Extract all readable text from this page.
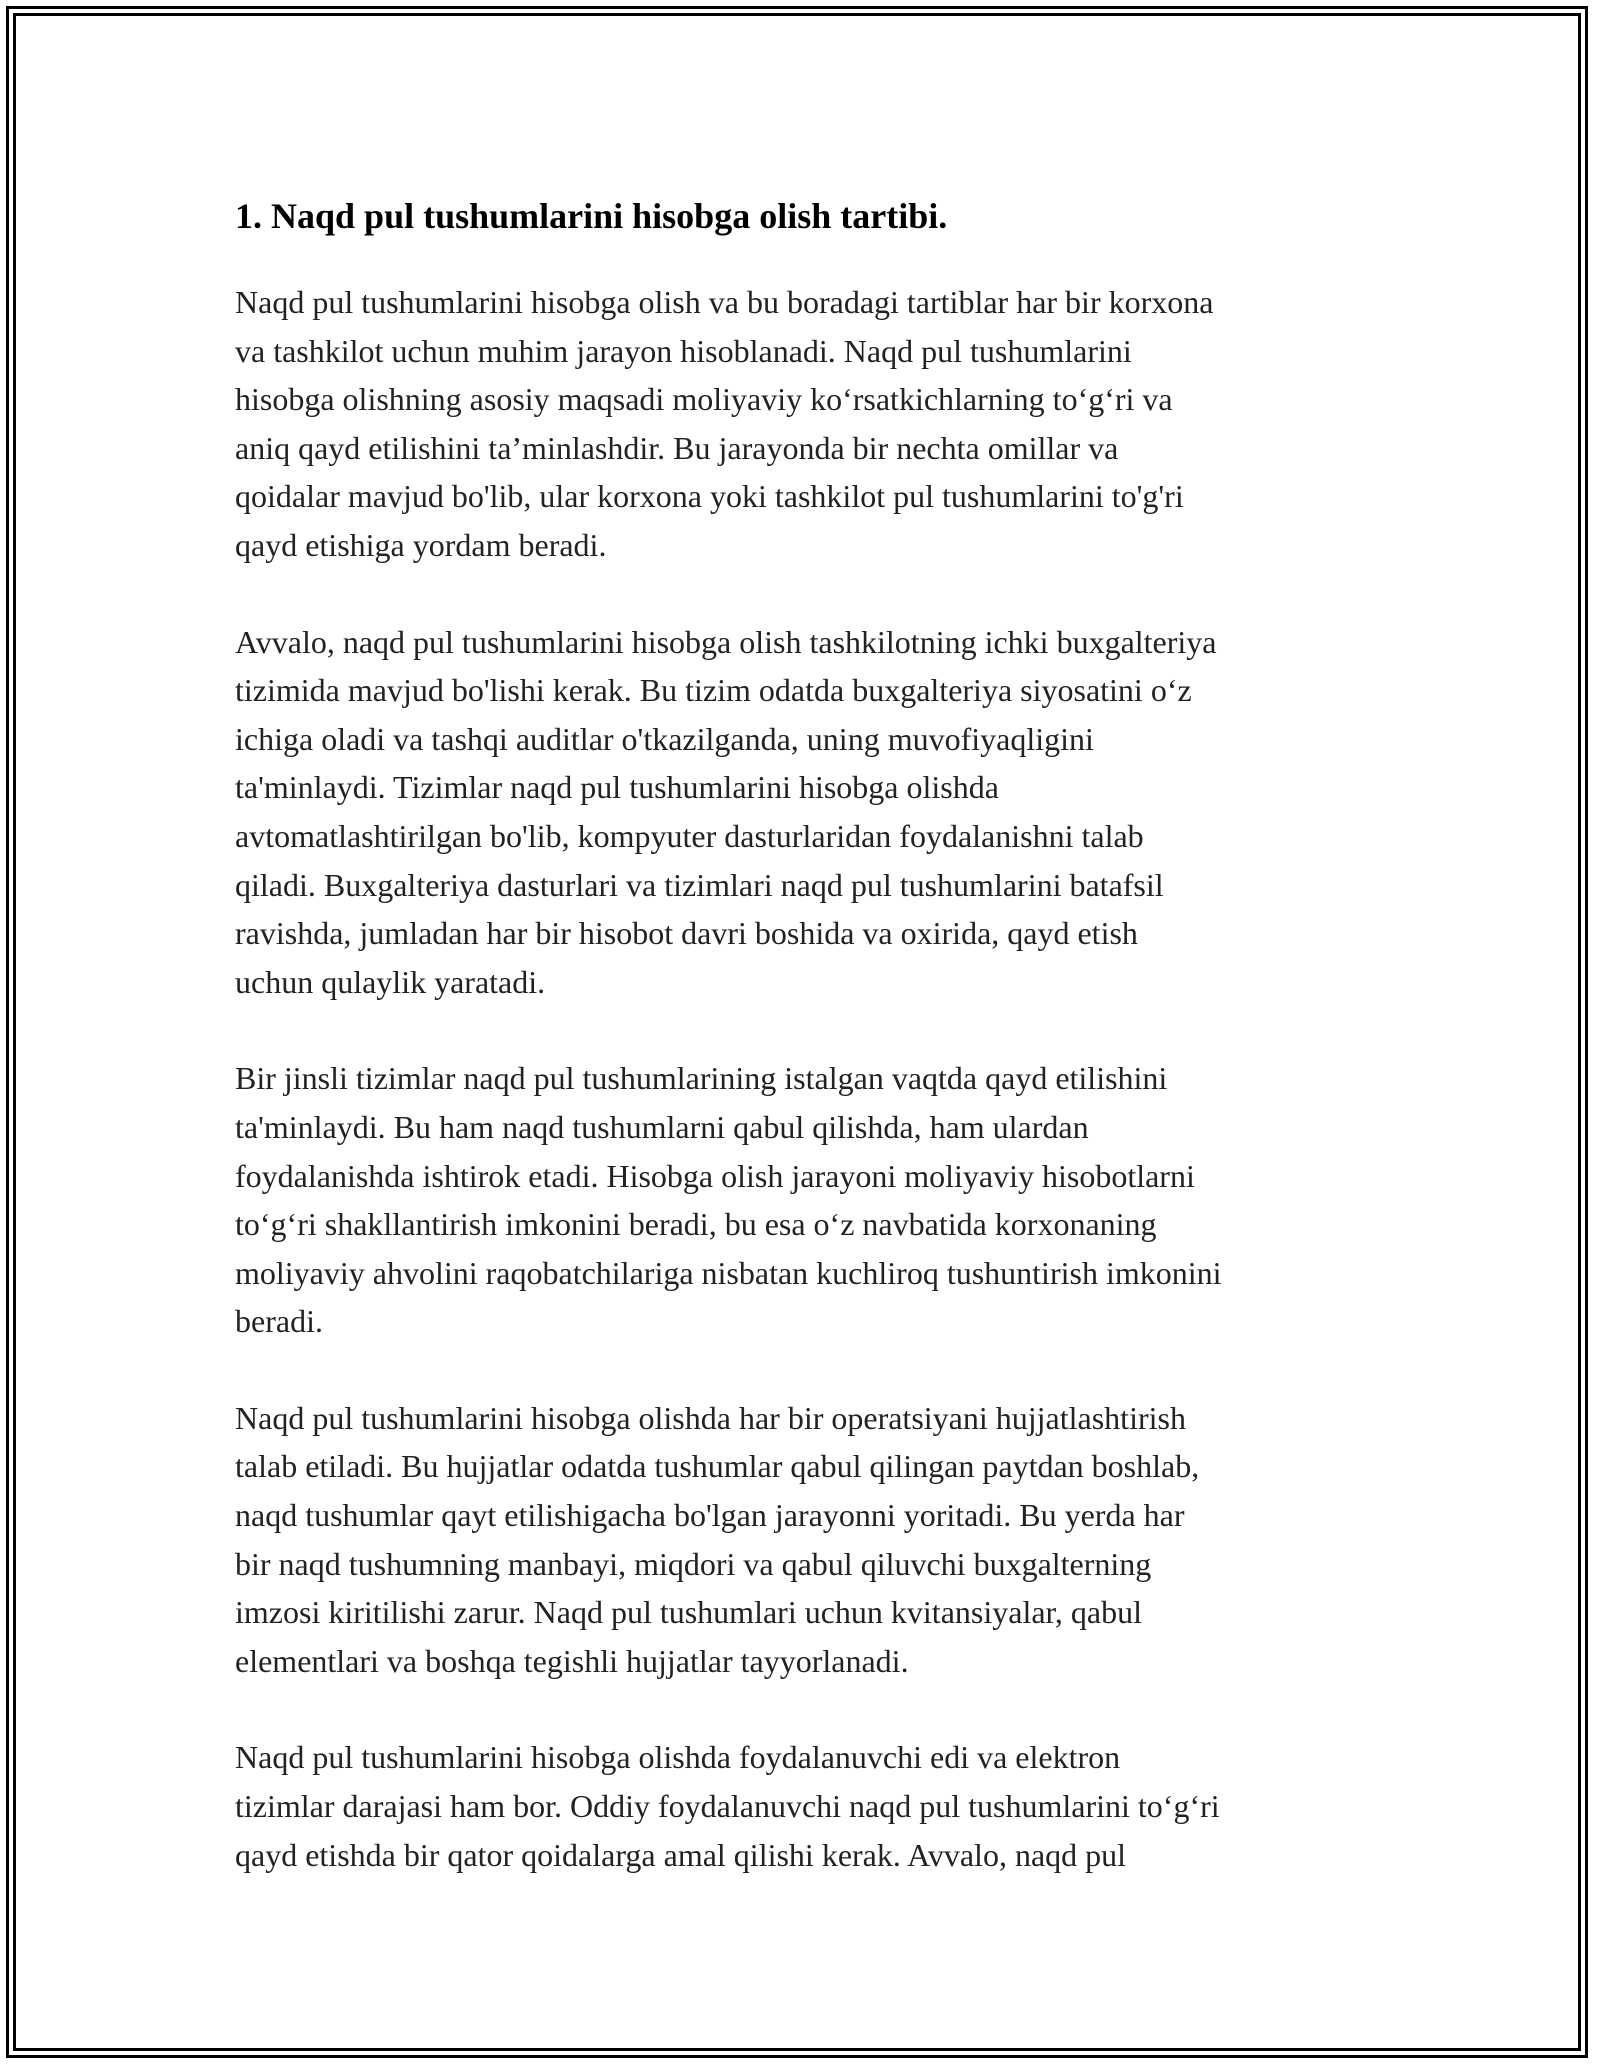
1. Naqd pul tushumlarini hisobga olish tartibi.

Naqd pul tushumlarini hisobga olish va bu boradagi tartiblar har bir korxona
va tashkilot uchun muhim jarayon hisoblanadi. Naqd pul tushumlarini
hisobga olishning asosiy maqsadi moliyaviy ko‘rsatkichlarning to‘g‘ri va
aniq qayd etilishini ta’minlashdir. Bu jarayonda bir nechta omillar va
qoidalar mavjud bo'lib, ular korxona yoki tashkilot pul tushumlarini to'g'ri
qayd etishiga yordam beradi.

Avvalo, naqd pul tushumlarini hisobga olish tashkilotning ichki buxgalteriya
tizimida mavjud bo'lishi kerak. Bu tizim odatda buxgalteriya siyosatini o‘z
ichiga oladi va tashqi auditlar o'tkazilganda, uning muvofiyaqligini
ta'minlaydi. Tizimlar naqd pul tushumlarini hisobga olishda
avtomatlashtirilgan bo'lib, kompyuter dasturlaridan foydalanishni talab
qiladi. Buxgalteriya dasturlari va tizimlari naqd pul tushumlarini batafsil
ravishda, jumladan har bir hisobot davri boshida va oxirida, qayd etish
uchun qulaylik yaratadi.

Bir jinsli tizimlar naqd pul tushumlarining istalgan vaqtda qayd etilishini
ta'minlaydi. Bu ham naqd tushumlarni qabul qilishda, ham ulardan
foydalanishda ishtirok etadi. Hisobga olish jarayoni moliyaviy hisobotlarni
to‘g‘ri shakllantirish imkonini beradi, bu esa o‘z navbatida korxonaning
moliyaviy ahvolini raqobatchilariga nisbatan kuchliroq tushuntirish imkonini
beradi.

Naqd pul tushumlarini hisobga olishda har bir operatsiyani hujjatlashtirish
talab etiladi. Bu hujjatlar odatda tushumlar qabul qilingan paytdan boshlab,
naqd tushumlar qayt etilishigacha bo'lgan jarayonni yoritadi. Bu yerda har
bir naqd tushumning manbayi, miqdori va qabul qiluvchi buxgalterning
imzosi kiritilishi zarur. Naqd pul tushumlari uchun kvitansiyalar, qabul
elementlari va boshqa tegishli hujjatlar tayyorlanadi.

Naqd pul tushumlarini hisobga olishda foydalanuvchi edi va elektron
tizimlar darajasi ham bor. Oddiy foydalanuvchi naqd pul tushumlarini to‘g‘ri
qayd etishda bir qator qoidalarga amal qilishi kerak. Avvalo, naqd pul
